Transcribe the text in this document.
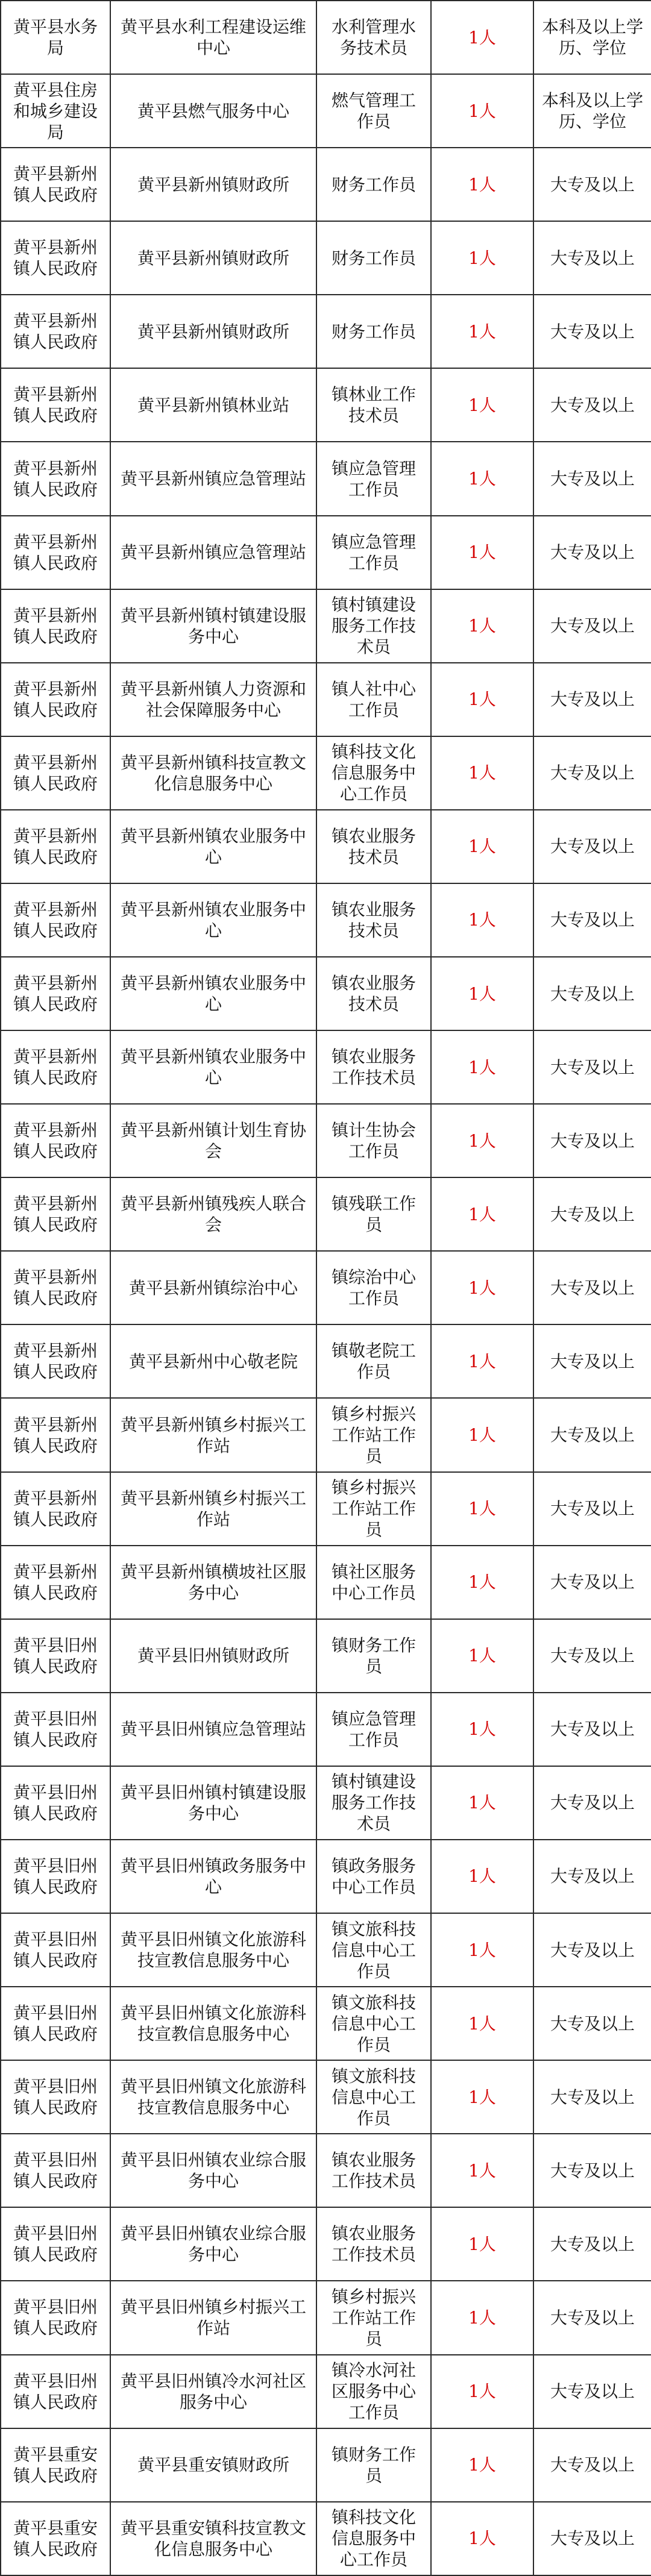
黄平县水务局	黄平县水利工程建设运维中心	水利管理水务技术员	1人	本科及以上学历、学位
黄平县住房和城乡建设局	黄平县燃气服务中心	燃气管理工作员	1人	本科及以上学历、学位
黄平县新州镇人民政府	黄平县新州镇财政所	财务工作员	1人	大专及以上
黄平县新州镇人民政府	黄平县新州镇财政所	财务工作员	1人	大专及以上
黄平县新州镇人民政府	黄平县新州镇财政所	财务工作员	1人	大专及以上
黄平县新州镇人民政府	黄平县新州镇林业站	镇林业工作技术员	1人	大专及以上
黄平县新州镇人民政府	黄平县新州镇应急管理站	镇应急管理工作员	1人	大专及以上
黄平县新州镇人民政府	黄平县新州镇应急管理站	镇应急管理工作员	1人	大专及以上
黄平县新州镇人民政府	黄平县新州镇村镇建设服务中心	镇村镇建设服务工作技术员	1人	大专及以上
黄平县新州镇人民政府	黄平县新州镇人力资源和社会保障服务中心	镇人社中心工作员	1人	大专及以上
黄平县新州镇人民政府	黄平县新州镇科技宣教文化信息服务中心	镇科技文化信息服务中心工作员	1人	大专及以上
黄平县新州镇人民政府	黄平县新州镇农业服务中心	镇农业服务技术员	1人	大专及以上
黄平县新州镇人民政府	黄平县新州镇农业服务中心	镇农业服务技术员	1人	大专及以上
黄平县新州镇人民政府	黄平县新州镇农业服务中心	镇农业服务技术员	1人	大专及以上
黄平县新州镇人民政府	黄平县新州镇农业服务中心	镇农业服务工作技术员	1人	大专及以上
黄平县新州镇人民政府	黄平县新州镇计划生育协会	镇计生协会工作员	1人	大专及以上
黄平县新州镇人民政府	黄平县新州镇残疾人联合会	镇残联工作员	1人	大专及以上
黄平县新州镇人民政府	黄平县新州镇综治中心	镇综治中心工作员	1人	大专及以上
黄平县新州镇人民政府	黄平县新州中心敬老院	镇敬老院工作员	1人	大专及以上
黄平县新州镇人民政府	黄平县新州镇乡村振兴工作站	镇乡村振兴工作站工作员	1人	大专及以上
黄平县新州镇人民政府	黄平县新州镇乡村振兴工作站	镇乡村振兴工作站工作员	1人	大专及以上
黄平县新州镇人民政府	黄平县新州镇横坡社区服务中心	镇社区服务中心工作员	1人	大专及以上
黄平县旧州镇人民政府	黄平县旧州镇财政所	镇财务工作员	1人	大专及以上
黄平县旧州镇人民政府	黄平县旧州镇应急管理站	镇应急管理工作员	1人	大专及以上
黄平县旧州镇人民政府	黄平县旧州镇村镇建设服务中心	镇村镇建设服务工作技术员	1人	大专及以上
黄平县旧州镇人民政府	黄平县旧州镇政务服务中心	镇政务服务中心工作员	1人	大专及以上
黄平县旧州镇人民政府	黄平县旧州镇文化旅游科技宣教信息服务中心	镇文旅科技信息中心工作员	1人	大专及以上
黄平县旧州镇人民政府	黄平县旧州镇文化旅游科技宣教信息服务中心	镇文旅科技信息中心工作员	1人	大专及以上
黄平县旧州镇人民政府	黄平县旧州镇文化旅游科技宣教信息服务中心	镇文旅科技信息中心工作员	1人	大专及以上
黄平县旧州镇人民政府	黄平县旧州镇农业综合服务中心	镇农业服务工作技术员	1人	大专及以上
黄平县旧州镇人民政府	黄平县旧州镇农业综合服务中心	镇农业服务工作技术员	1人	大专及以上
黄平县旧州镇人民政府	黄平县旧州镇乡村振兴工作站	镇乡村振兴工作站工作员	1人	大专及以上
黄平县旧州镇人民政府	黄平县旧州镇冷水河社区服务中心	镇冷水河社区服务中心工作员	1人	大专及以上
黄平县重安镇人民政府	黄平县重安镇财政所	镇财务工作员	1人	大专及以上
黄平县重安镇人民政府	黄平县重安镇科技宣教文化信息服务中心	镇科技文化信息服务中心工作员	1人	大专及以上
